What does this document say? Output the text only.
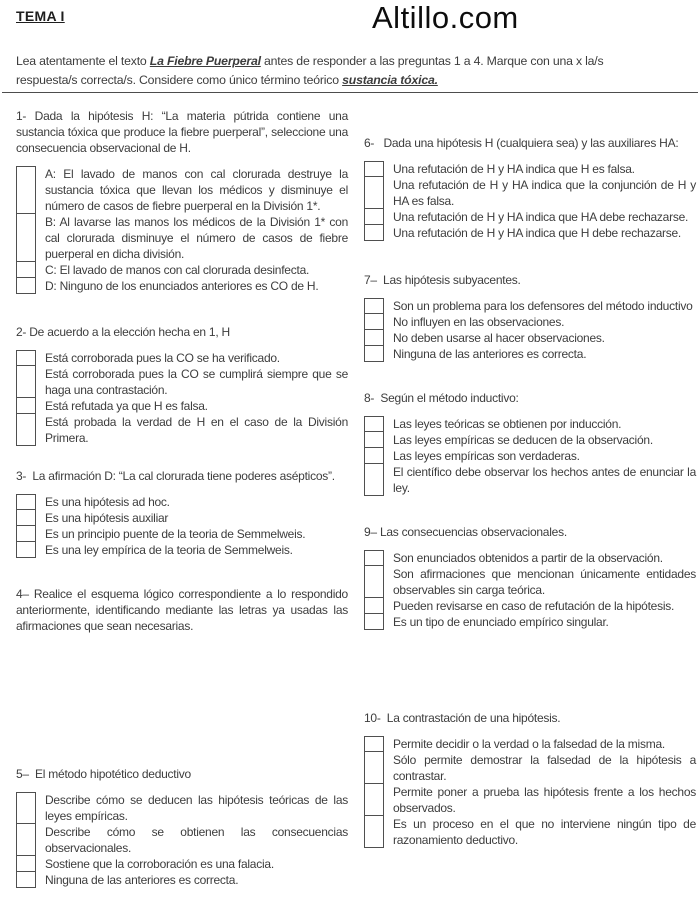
TEMA I	Altillo.com
Lea atentamente el texto La Fiebre Puerperal antes de responder a las preguntas 1 a 4. Marque con una x la/s respuesta/s correcta/s. Considere como único término teórico sustancia tóxica.
1- Dada la hipótesis H: “La materia pútrida contiene una sustancia tóxica que produce la fiebre puerperal”, seleccione una consecuencia observacional de H.
A: El lavado de manos con cal clorurada destruye la sustancia tóxica que llevan los médicos y disminuye el número de casos de fiebre puerperal en la División 1*.
B: Al lavarse las manos los médicos de la División 1* con cal clorurada disminuye el número de casos de fiebre puerperal en dicha división.
C: El lavado de manos con cal clorurada desinfecta.
D: Ninguno de los enunciados anteriores es CO de H.
2- De acuerdo a la elección hecha en 1, H
Está corroborada pues la CO se ha verificado.
Está corroborada pues la CO se cumplirá siempre que se haga una contrastación.
Está refutada ya que H es falsa.
Está probada la verdad de H en el caso de la División Primera.
3- La afirmación D: “La cal clorurada tiene poderes asépticos”.
Es una hipótesis ad hoc.
Es una hipótesis auxiliar
Es un principio puente de la teoria de Semmelweis.
Es una ley empírica de la teoria de Semmelweis.
4– Realice el esquema lógico correspondiente a lo respondido anteriormente, identificando mediante las letras ya usadas las afirmaciones que sean necesarias.
5– El método hipotético deductivo
Describe cómo se deducen las hipótesis teóricas de las leyes empíricas.
Describe cómo se obtienen las consecuencias observacionales.
Sostiene que la corroboración es una falacia.
Ninguna de las anteriores es correcta.
6- Dada una hipótesis H (cualquiera sea) y las auxiliares HA:
Una refutación de H y HA indica que H es falsa.
Una refutación de H y HA indica que la conjunción de H y HA es falsa.
Una refutación de H y HA indica que HA debe rechazarse.
Una refutación de H y HA indica que H debe rechazarse.
7– Las hipótesis subyacentes.
Son un problema para los defensores del método inductivo
No influyen en las observaciones.
No deben usarse al hacer observaciones.
Ninguna de las anteriores es correcta.
8- Según el método inductivo:
Las leyes teóricas se obtienen por inducción.
Las leyes empíricas se deducen de la observación.
Las leyes empíricas son verdaderas.
El científico debe observar los hechos antes de enunciar la ley.
9– Las consecuencias observacionales.
Son enunciados obtenidos a partir de la observación.
Son afirmaciones que mencionan únicamente entidades observables sin carga teórica.
Pueden revisarse en caso de refutación de la hipótesis.
Es un tipo de enunciado empírico singular.
10- La contrastación de una hipótesis.
Permite decidir o la verdad o la falsedad de la misma.
Sólo permite demostrar la falsedad de la hipótesis a contrastar.
Permite poner a prueba las hipótesis frente a los hechos observados.
Es un proceso en el que no interviene ningún tipo de razonamiento deductivo.
